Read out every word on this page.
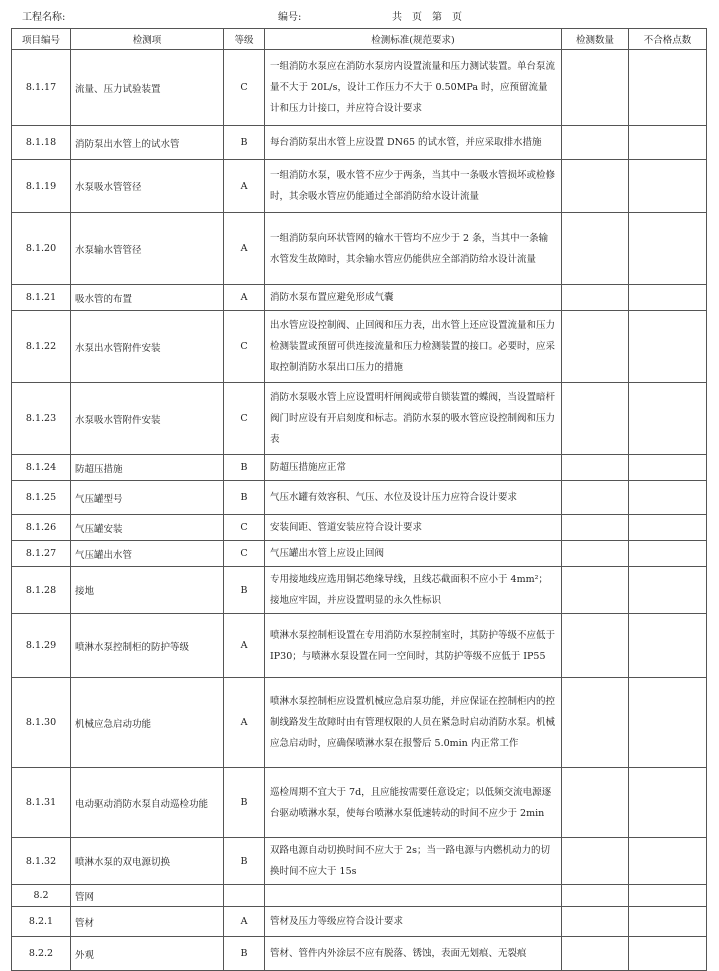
工程名称:	编号:	共　页　第　页
项目编号	检测项	等级	检测标准(规范要求)	检测数量	不合格点数
8.1.17	流量、压力试验装置	C	一组消防水泵应在消防水泵房内设置流量和压力测试装置。单台泵流量不大于 20L/s，设计工作压力不大于 0.50MPa 时，应预留流量计和压力计接口，并应符合设计要求		
8.1.18	消防泵出水管上的试水管	B	每台消防泵出水管上应设置 DN65 的试水管，并应采取排水措施		
8.1.19	水泵吸水管管径	A	一组消防水泵，吸水管不应少于两条，当其中一条吸水管损坏或检修时，其余吸水管应仍能通过全部消防给水设计流量		
8.1.20	水泵输水管管径	A	一组消防泵向环状管网的输水干管均不应少于 2 条，当其中一条输水管发生故障时，其余输水管应仍能供应全部消防给水设计流量		
8.1.21	吸水管的布置	A	消防水泵布置应避免形成气囊		
8.1.22	水泵出水管附件安装	C	出水管应设控制阀、止回阀和压力表，出水管上还应设置流量和压力检测装置或预留可供连接流量和压力检测装置的接口。必要时，应采取控制消防水泵出口压力的措施		
8.1.23	水泵吸水管附件安装	C	消防水泵吸水管上应设置明杆闸阀或带自锁装置的蝶阀，当设置暗杆阀门时应设有开启刻度和标志。消防水泵的吸水管应设控制阀和压力表		
8.1.24	防超压措施	B	防超压措施应正常		
8.1.25	气压罐型号	B	气压水罐有效容积、气压、水位及设计压力应符合设计要求		
8.1.26	气压罐安装	C	安装间距、管道安装应符合设计要求		
8.1.27	气压罐出水管	C	气压罐出水管上应设止回阀		
8.1.28	接地	B	专用接地线应选用铜芯绝缘导线，且线芯截面积不应小于 4mm²；接地应牢固，并应设置明显的永久性标识		
8.1.29	喷淋水泵控制柜的防护等级	A	喷淋水泵控制柜设置在专用消防水泵控制室时，其防护等级不应低于 IP30；与喷淋水泵设置在同一空间时，其防护等级不应低于 IP55		
8.1.30	机械应急启动功能	A	喷淋水泵控制柜应设置机械应急启泵功能，并应保证在控制柜内的控制线路发生故障时由有管理权限的人员在紧急时启动消防水泵。机械应急启动时，应确保喷淋水泵在报警后 5.0min 内正常工作		
8.1.31	电动驱动消防水泵自动巡检功能	B	巡检周期不宜大于 7d，且应能按需要任意设定；以低频交流电源逐台驱动喷淋水泵，使每台喷淋水泵低速转动的时间不应少于 2min		
8.1.32	喷淋水泵的双电源切换	B	双路电源自动切换时间不应大于 2s；当一路电源与内燃机动力的切换时间不应大于 15s		
8.2	管网				
8.2.1	管材	A	管材及压力等级应符合设计要求		
8.2.2	外观	B	管材、管件内外涂层不应有脱落、锈蚀，表面无划痕、无裂痕		
